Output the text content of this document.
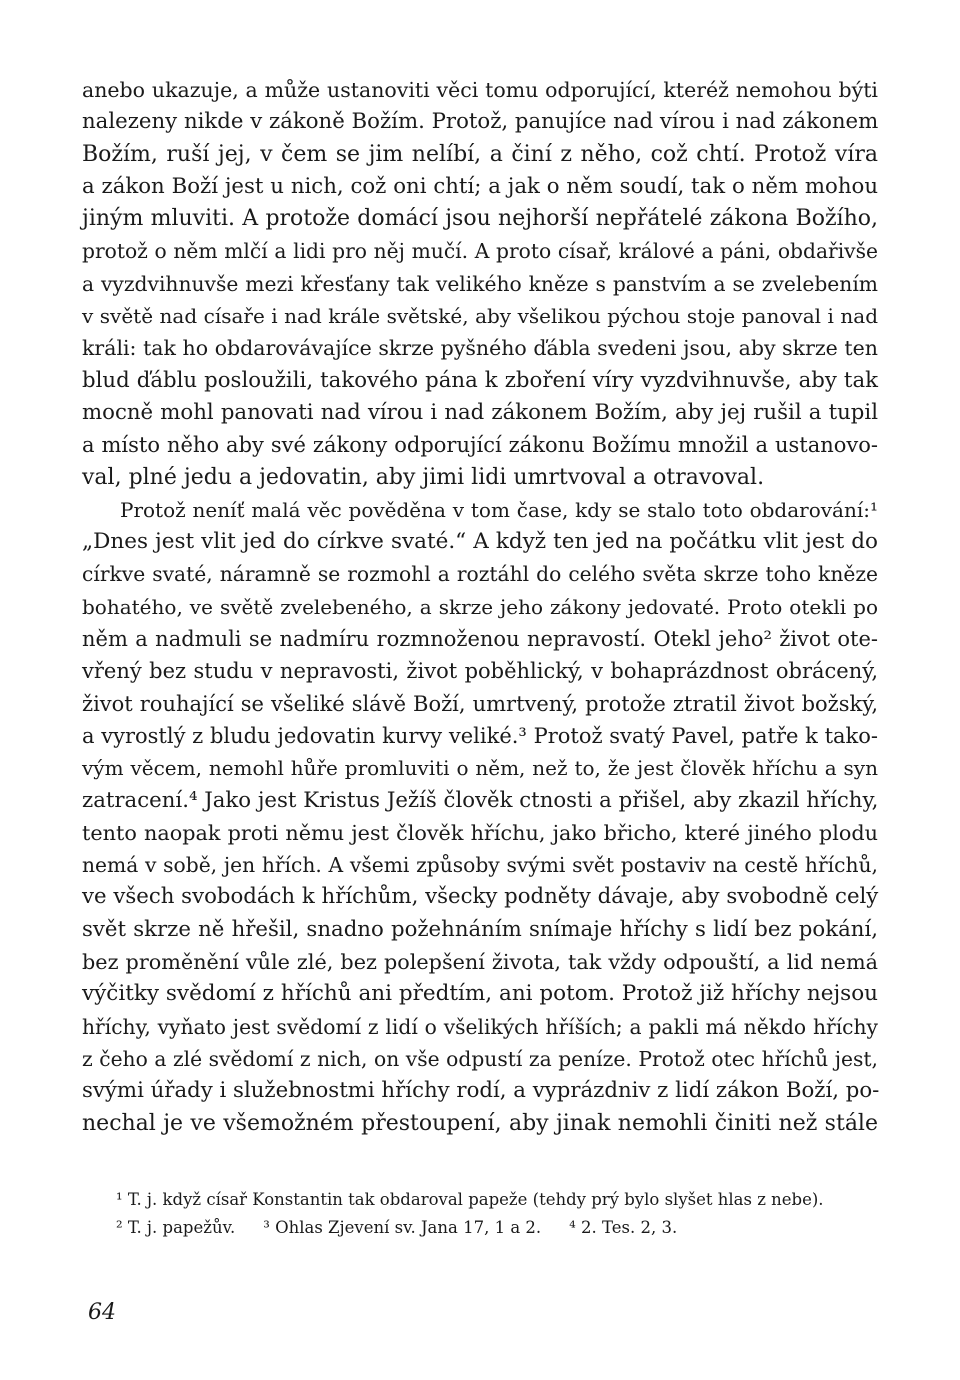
anebo ukazuje, a může ustanoviti věci tomu odporující, kteréž nemohou býti
nalezeny nikde v zákoně Božím. Protož, panujíce nad vírou i nad zákonem
Božím, ruší jej, v čem se jim nelíbí, a činí z něho, což chtí. Protož víra
a zákon Boží jest u nich, což oni chtí; a jak o něm soudí, tak o něm mohou
jiným mluviti. A protože domácí jsou nejhorší nepřátelé zákona Božího,
protož o něm mlčí a lidi pro něj mučí. A proto císař, králové a páni, obdařivše
a vyzdvihnuvše mezi křesťany tak velikého kněze s panstvím a se zvelebením
v světě nad císaře i nad krále světské, aby všelikou pýchou stoje panoval i nad
králi: tak ho obdarovávajíce skrze pyšného ďábla svedeni jsou, aby skrze ten
blud ďáblu posloužili, takového pána k zboření víry vyzdvihnuvše, aby tak
mocně mohl panovati nad vírou i nad zákonem Božím, aby jej rušil a tupil
a místo něho aby své zákony odporující zákonu Božímu množil a ustanovo-
val, plné jedu a jedovatin, aby jimi lidi umrtvoval a otravoval.
Protož neníť malá věc pověděna v tom čase, kdy se stalo toto obdarování:¹
„Dnes jest vlit jed do církve svaté.“ A když ten jed na počátku vlit jest do
církve svaté, náramně se rozmohl a roztáhl do celého světa skrze toho kněze
bohatého, ve světě zvelebeného, a skrze jeho zákony jedovaté. Proto otekli po
něm a nadmuli se nadmíru rozmnoženou nepravostí. Otekl jeho² život ote-
vřený bez studu v nepravosti, život poběhlický, v bohaprázdnost obrácený,
život rouhající se všeliké slávě Boží, umrtvený, protože ztratil život božský,
a vyrostlý z bludu jedovatin kurvy veliké.³ Protož svatý Pavel, patře k tako-
vým věcem, nemohl hůře promluviti o něm, než to, že jest člověk hříchu a syn
zatracení.⁴ Jako jest Kristus Ježíš člověk ctnosti a přišel, aby zkazil hříchy,
tento naopak proti němu jest člověk hříchu, jako břicho, které jiného plodu
nemá v sobě, jen hřích. A všemi způsoby svými svět postaviv na cestě hříchů,
ve všech svobodách k hříchům, všecky podněty dávaje, aby svobodně celý
svět skrze ně hřešil, snadno požehnáním snímaje hříchy s lidí bez pokání,
bez proměnění vůle zlé, bez polepšení života, tak vždy odpouští, a lid nemá
výčitky svědomí z hříchů ani předtím, ani potom. Protož již hříchy nejsou
hříchy, vyňato jest svědomí z lidí o všelikých hříších; a pakli má někdo hříchy
z čeho a zlé svědomí z nich, on vše odpustí za peníze. Protož otec hříchů jest,
svými úřady i služebnostmi hříchy rodí, a vyprázdniv z lidí zákon Boží, po-
nechal je ve všemožném přestoupení, aby jinak nemohli činiti než stále
¹ T. j. když císař Konstantin tak obdaroval papeže (tehdy prý bylo slyšet hlas z nebe).
² T. j. papežův. ³ Ohlas Zjevení sv. Jana 17, 1 a 2. ⁴ 2. Tes. 2, 3.
64
